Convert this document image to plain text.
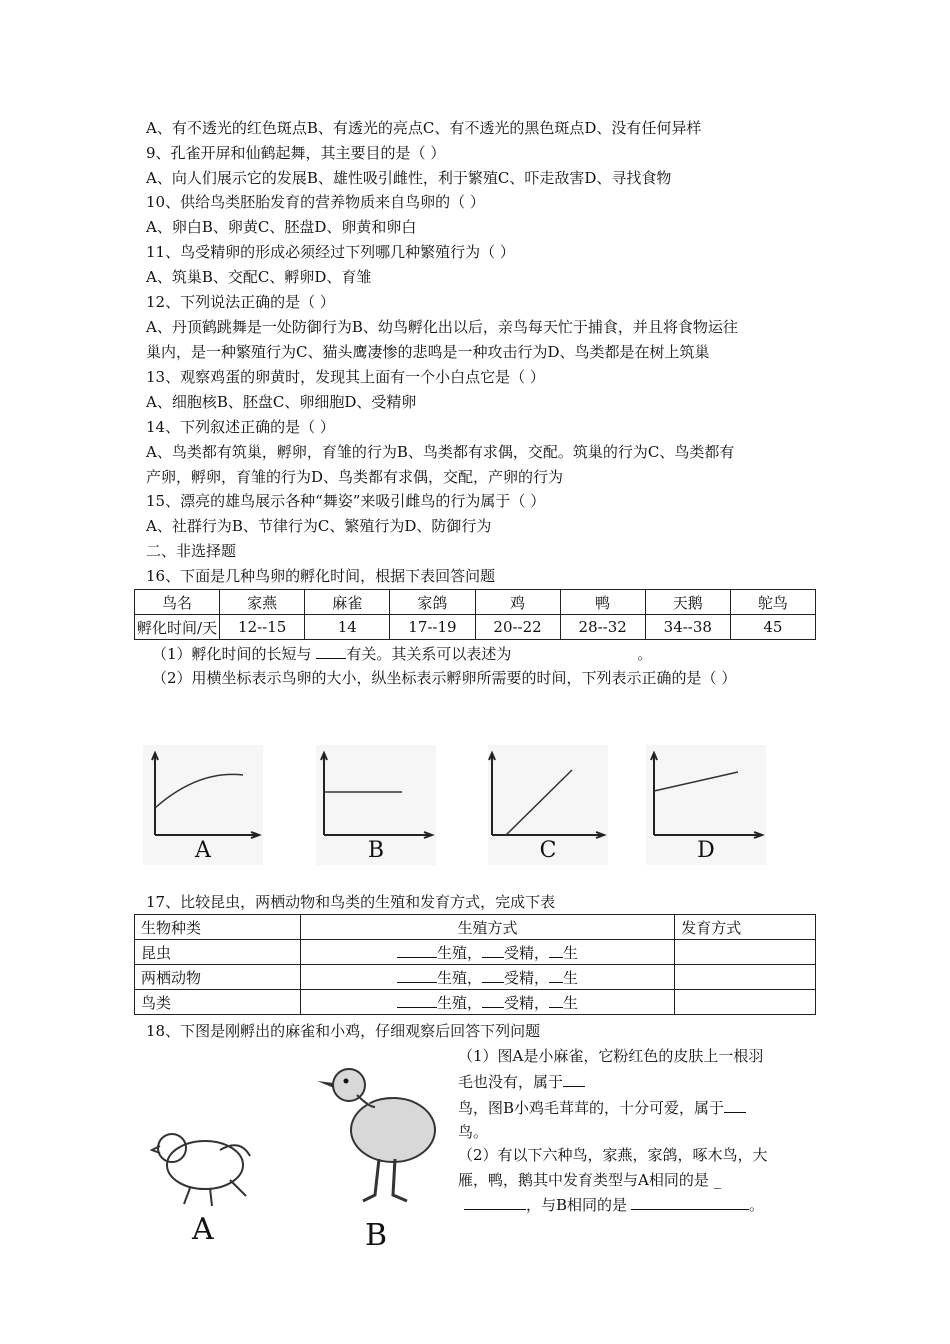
A、有不透光的红色斑点B、有透光的亮点C、有不透光的黑色斑点D、没有任何异样
9、孔雀开屏和仙鹤起舞，其主要目的是（ ）
A、向人们展示它的发展B、雄性吸引雌性，利于繁殖C、吓走敌害D、寻找食物
10、供给鸟类胚胎发育的营养物质来自鸟卵的（ ）
A、卵白B、卵黄C、胚盘D、卵黄和卵白
11、鸟受精卵的形成必须经过下列哪几种繁殖行为（ ）
A、筑巢B、交配C、孵卵D、育雏
12、下列说法正确的是（ ）
A、丹顶鹤跳舞是一处防御行为B、幼鸟孵化出以后，亲鸟每天忙于捕食，并且将食物运往
巢内，是一种繁殖行为C、猫头鹰凄惨的悲鸣是一种攻击行为D、鸟类都是在树上筑巢
13、观察鸡蛋的卵黄时，发现其上面有一个小白点它是（ ）
A、细胞核B、胚盘C、卵细胞D、受精卵
14、下列叙述正确的是（ ）
A、鸟类都有筑巢，孵卵，育雏的行为B、鸟类都有求偶，交配。筑巢的行为C、鸟类都有
产卵，孵卵，育雏的行为D、鸟类都有求偶，交配，产卵的行为
15、漂亮的雄鸟展示各种“舞姿”来吸引雌鸟的行为属于（ ）
A、社群行为B、节律行为C、繁殖行为D、防御行为
二、非选择题
16、下面是几种鸟卵的孵化时间，根据下表回答问题
鸟名	家燕	麻雀	家鸽	鸡	鸭	天鹅	鸵鸟
孵化时间/天	12--15	14	17--19	20--22	28--32	34--38	45
（1）孵化时间的长短与 有关。其关系可以表述为	。
（2）用横坐标表示鸟卵的大小，纵坐标表示孵卵所需要的时间，下列表示正确的是（ ）
A	B	C	D
17、比较昆虫，两栖动物和鸟类的生殖和发育方式，完成下表
生物种类	生殖方式	发育方式
昆虫	生殖， 受精， 生	
两栖动物	生殖， 受精， 生	
鸟类	生殖， 受精， 生	
18、下图是刚孵出的麻雀和小鸡，仔细观察后回答下列问题
A	B
（1）图A是小麻雀，它粉红色的皮肤上一根羽
毛也没有，属于
鸟，图B小鸡毛茸茸的，十分可爱，属于
鸟。
（2）有以下六种鸟，家燕，家鸽，啄木鸟，大
雁，鸭，鹅其中发育类型与A相同的是 _
，与B相同的是	。
